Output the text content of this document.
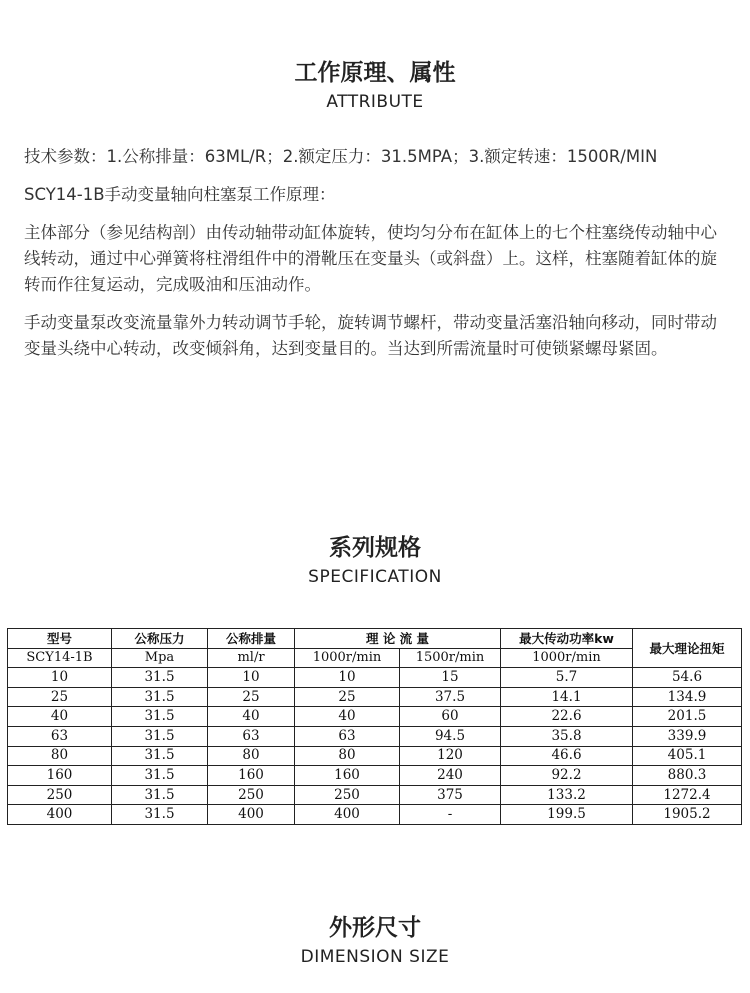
工作原理、属性
ATTRIBUTE

技术参数：1.公称排量：63ML/R；2.额定压力：31.5MPA；3.额定转速：1500R/MIN

SCY14-1B手动变量轴向柱塞泵工作原理：

主体部分（参见结构剖）由传动轴带动缸体旋转，使均匀分布在缸体上的七个柱塞绕传动轴中心线转动，通过中心弹簧将柱滑组件中的滑靴压在变量头（或斜盘）上。这样，柱塞随着缸体的旋转而作往复运动，完成吸油和压油动作。

手动变量泵改变流量靠外力转动调节手轮，旋转调节螺杆，带动变量活塞沿轴向移动，同时带动变量头绕中心转动，改变倾斜角，达到变量目的。当达到所需流量时可使锁紧螺母紧固。

系列规格
SPECIFICATION
型号	公称压力	公称排量	理 论 流 量		最大传动功率kw	最大理论扭矩
SCY14-1B	Mpa	ml/r	1000r/min	1500r/min	1000r/min	
10	31.5	10	10	15	5.7	54.6
25	31.5	25	25	37.5	14.1	134.9
40	31.5	40	40	60	22.6	201.5
63	31.5	63	63	94.5	35.8	339.9
80	31.5	80	80	120	46.6	405.1
160	31.5	160	160	240	92.2	880.3
250	31.5	250	250	375	133.2	1272.4
400	31.5	400	400	-	199.5	1905.2
外形尺寸
DIMENSION SIZE
